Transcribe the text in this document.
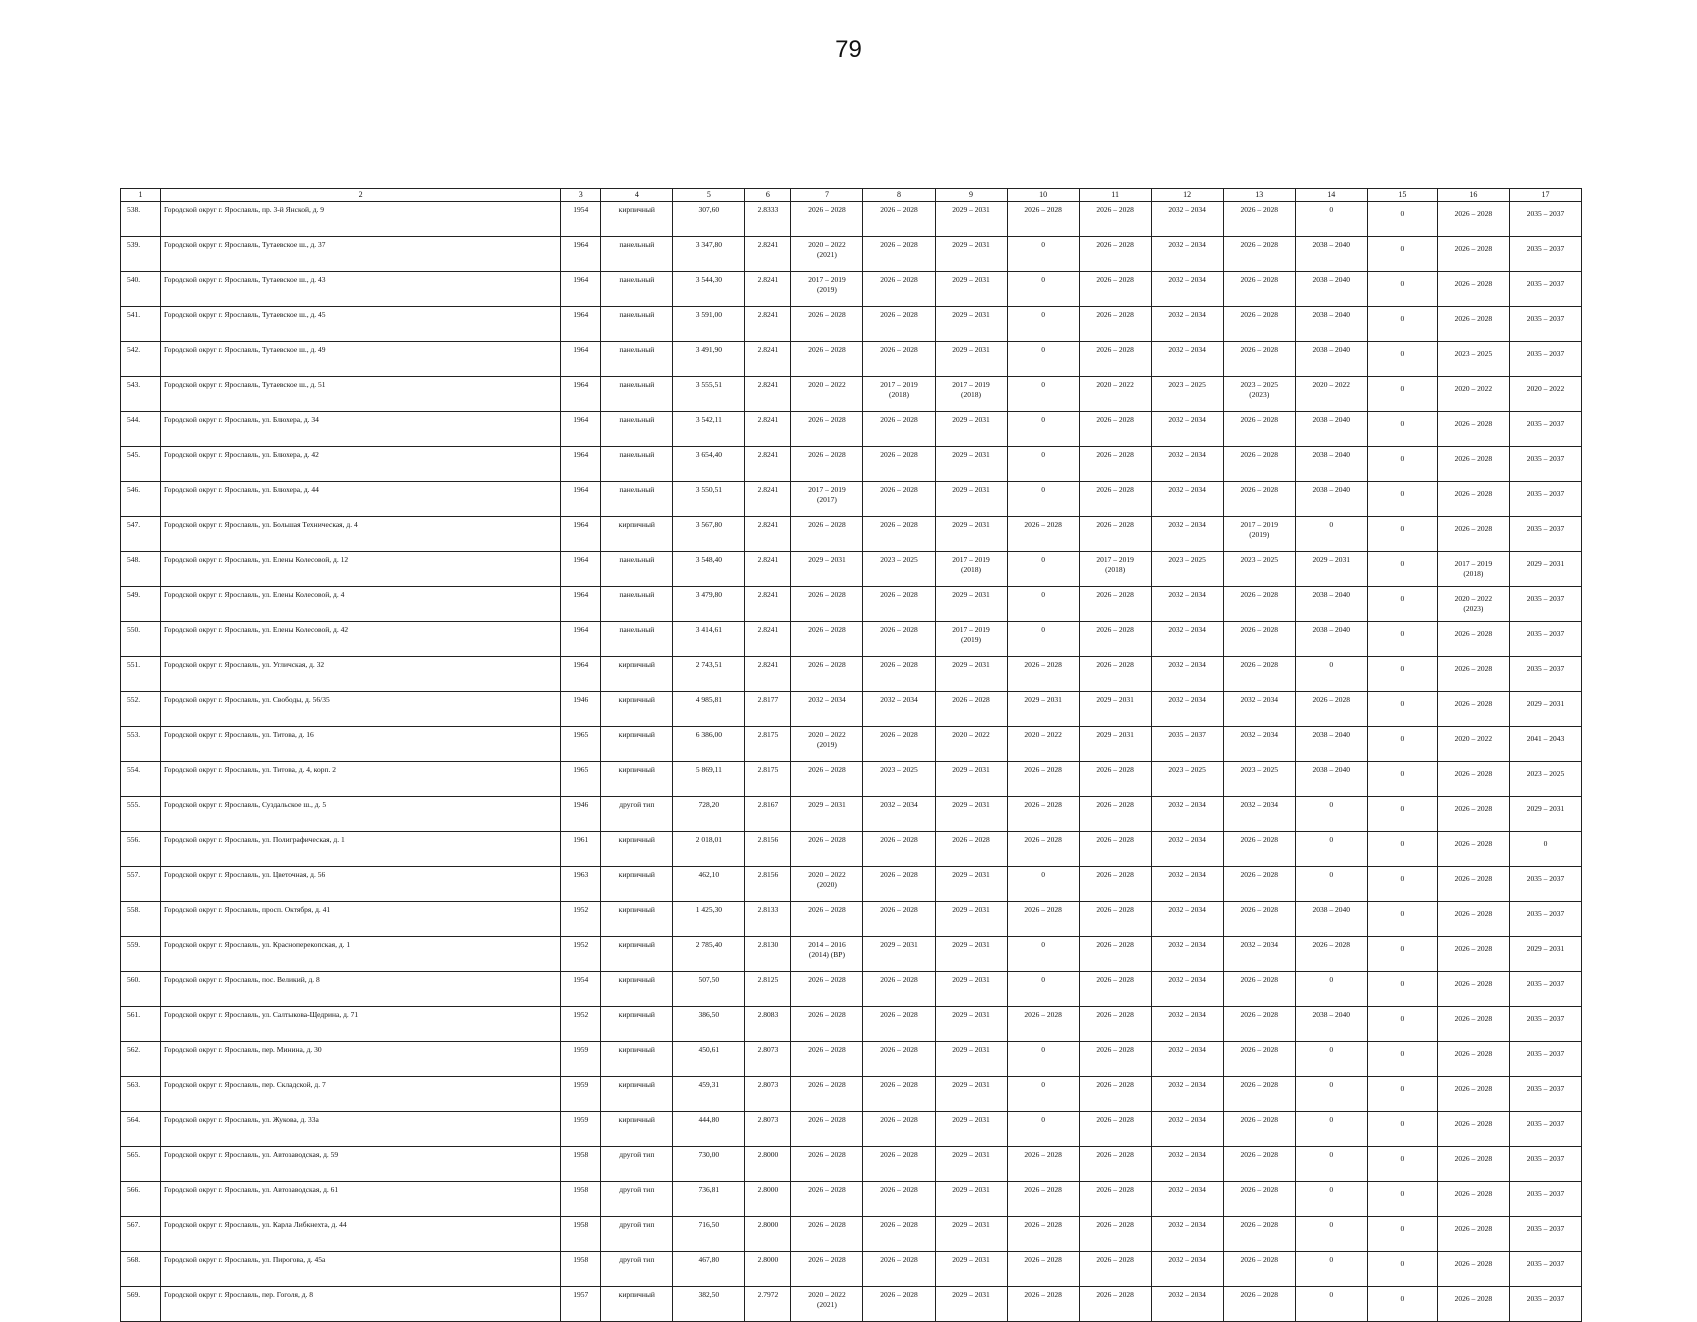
79
1	2	3	4	5	6	7	8	9	10	11	12	13	14	15	16	17
538.	Городской округ г. Ярославль, пр. 3-й Янской, д. 9	1954	кирпичный	307,60	2.8333	2026 – 2028	2026 – 2028	2029 – 2031	2026 – 2028	2026 – 2028	2032 – 2034	2026 – 2028	0	0	2026 – 2028	2035 – 2037
539.	Городской округ г. Ярославль, Тутаевское ш., д. 37	1964	панельный	3 347,80	2.8241	2020 – 2022
(2021)	2026 – 2028	2029 – 2031	0	2026 – 2028	2032 – 2034	2026 – 2028	2038 – 2040	0	2026 – 2028	2035 – 2037
540.	Городской округ г. Ярославль, Тутаевское ш., д. 43	1964	панельный	3 544,30	2.8241	2017 – 2019
(2019)	2026 – 2028	2029 – 2031	0	2026 – 2028	2032 – 2034	2026 – 2028	2038 – 2040	0	2026 – 2028	2035 – 2037
541.	Городской округ г. Ярославль, Тутаевское ш., д. 45	1964	панельный	3 591,00	2.8241	2026 – 2028	2026 – 2028	2029 – 2031	0	2026 – 2028	2032 – 2034	2026 – 2028	2038 – 2040	0	2026 – 2028	2035 – 2037
542.	Городской округ г. Ярославль, Тутаевское ш., д. 49	1964	панельный	3 491,90	2.8241	2026 – 2028	2026 – 2028	2029 – 2031	0	2026 – 2028	2032 – 2034	2026 – 2028	2038 – 2040	0	2023 – 2025	2035 – 2037
543.	Городской округ г. Ярославль, Тутаевское ш., д. 51	1964	панельный	3 555,51	2.8241	2020 – 2022	2017 – 2019
(2018)	2017 – 2019
(2018)	0	2020 – 2022	2023 – 2025	2023 – 2025
(2023)	2020 – 2022	0	2020 – 2022	2020 – 2022
544.	Городской округ г. Ярославль, ул. Блюхера, д. 34	1964	панельный	3 542,11	2.8241	2026 – 2028	2026 – 2028	2029 – 2031	0	2026 – 2028	2032 – 2034	2026 – 2028	2038 – 2040	0	2026 – 2028	2035 – 2037
545.	Городской округ г. Ярославль, ул. Блюхера, д. 42	1964	панельный	3 654,40	2.8241	2026 – 2028	2026 – 2028	2029 – 2031	0	2026 – 2028	2032 – 2034	2026 – 2028	2038 – 2040	0	2026 – 2028	2035 – 2037
546.	Городской округ г. Ярославль, ул. Блюхера, д. 44	1964	панельный	3 550,51	2.8241	2017 – 2019
(2017)	2026 – 2028	2029 – 2031	0	2026 – 2028	2032 – 2034	2026 – 2028	2038 – 2040	0	2026 – 2028	2035 – 2037
547.	Городской округ г. Ярославль, ул. Большая Техническая, д. 4	1964	кирпичный	3 567,80	2.8241	2026 – 2028	2026 – 2028	2029 – 2031	2026 – 2028	2026 – 2028	2032 – 2034	2017 – 2019
(2019)	0	0	2026 – 2028	2035 – 2037
548.	Городской округ г. Ярославль, ул. Елены Колесовой, д. 12	1964	панельный	3 548,40	2.8241	2029 – 2031	2023 – 2025	2017 – 2019
(2018)	0	2017 – 2019
(2018)	2023 – 2025	2023 – 2025	2029 – 2031	0	2017 – 2019
(2018)	2029 – 2031
549.	Городской округ г. Ярославль, ул. Елены Колесовой, д. 4	1964	панельный	3 479,80	2.8241	2026 – 2028	2026 – 2028	2029 – 2031	0	2026 – 2028	2032 – 2034	2026 – 2028	2038 – 2040	0	2020 – 2022
(2023)	2035 – 2037
550.	Городской округ г. Ярославль, ул. Елены Колесовой, д. 42	1964	панельный	3 414,61	2.8241	2026 – 2028	2026 – 2028	2017 – 2019
(2019)	0	2026 – 2028	2032 – 2034	2026 – 2028	2038 – 2040	0	2026 – 2028	2035 – 2037
551.	Городской округ г. Ярославль, ул. Угличская, д. 32	1964	кирпичный	2 743,51	2.8241	2026 – 2028	2026 – 2028	2029 – 2031	2026 – 2028	2026 – 2028	2032 – 2034	2026 – 2028	0	0	2026 – 2028	2035 – 2037
552.	Городской округ г. Ярославль, ул. Свободы, д. 56/35	1946	кирпичный	4 985,81	2.8177	2032 – 2034	2032 – 2034	2026 – 2028	2029 – 2031	2029 – 2031	2032 – 2034	2032 – 2034	2026 – 2028	0	2026 – 2028	2029 – 2031
553.	Городской округ г. Ярославль, ул. Титова, д. 16	1965	кирпичный	6 386,00	2.8175	2020 – 2022
(2019)	2026 – 2028	2020 – 2022	2020 – 2022	2029 – 2031	2035 – 2037	2032 – 2034	2038 – 2040	0	2020 – 2022	2041 – 2043
554.	Городской округ г. Ярославль, ул. Титова, д. 4, корп. 2	1965	кирпичный	5 869,11	2.8175	2026 – 2028	2023 – 2025	2029 – 2031	2026 – 2028	2026 – 2028	2023 – 2025	2023 – 2025	2038 – 2040	0	2026 – 2028	2023 – 2025
555.	Городской округ г. Ярославль, Суздальское ш., д. 5	1946	другой тип	728,20	2.8167	2029 – 2031	2032 – 2034	2029 – 2031	2026 – 2028	2026 – 2028	2032 – 2034	2032 – 2034	0	0	2026 – 2028	2029 – 2031
556.	Городской округ г. Ярославль, ул. Полиграфическая, д. 1	1961	кирпичный	2 018,01	2.8156	2026 – 2028	2026 – 2028	2026 – 2028	2026 – 2028	2026 – 2028	2032 – 2034	2026 – 2028	0	0	2026 – 2028	0
557.	Городской округ г. Ярославль, ул. Цветочная, д. 56	1963	кирпичный	462,10	2.8156	2020 – 2022
(2020)	2026 – 2028	2029 – 2031	0	2026 – 2028	2032 – 2034	2026 – 2028	0	0	2026 – 2028	2035 – 2037
558.	Городской округ г. Ярославль, просп. Октября, д. 41	1952	кирпичный	1 425,30	2.8133	2026 – 2028	2026 – 2028	2029 – 2031	2026 – 2028	2026 – 2028	2032 – 2034	2026 – 2028	2038 – 2040	0	2026 – 2028	2035 – 2037
559.	Городской округ г. Ярославль, ул. Красноперекопская, д. 1	1952	кирпичный	2 785,40	2.8130	2014 – 2016
(2014) (ВР)	2029 – 2031	2029 – 2031	0	2026 – 2028	2032 – 2034	2032 – 2034	2026 – 2028	0	2026 – 2028	2029 – 2031
560.	Городской округ г. Ярославль, пос. Великий, д. 8	1954	кирпичный	507,50	2.8125	2026 – 2028	2026 – 2028	2029 – 2031	0	2026 – 2028	2032 – 2034	2026 – 2028	0	0	2026 – 2028	2035 – 2037
561.	Городской округ г. Ярославль, ул. Салтыкова-Щедрина, д. 71	1952	кирпичный	386,50	2.8083	2026 – 2028	2026 – 2028	2029 – 2031	2026 – 2028	2026 – 2028	2032 – 2034	2026 – 2028	2038 – 2040	0	2026 – 2028	2035 – 2037
562.	Городской округ г. Ярославль, пер. Минина, д. 30	1959	кирпичный	450,61	2.8073	2026 – 2028	2026 – 2028	2029 – 2031	0	2026 – 2028	2032 – 2034	2026 – 2028	0	0	2026 – 2028	2035 – 2037
563.	Городской округ г. Ярославль, пер. Складской, д. 7	1959	кирпичный	459,31	2.8073	2026 – 2028	2026 – 2028	2029 – 2031	0	2026 – 2028	2032 – 2034	2026 – 2028	0	0	2026 – 2028	2035 – 2037
564.	Городской округ г. Ярославль, ул. Жукова, д. 33а	1959	кирпичный	444,80	2.8073	2026 – 2028	2026 – 2028	2029 – 2031	0	2026 – 2028	2032 – 2034	2026 – 2028	0	0	2026 – 2028	2035 – 2037
565.	Городской округ г. Ярославль, ул. Автозаводская, д. 59	1958	другой тип	730,00	2.8000	2026 – 2028	2026 – 2028	2029 – 2031	2026 – 2028	2026 – 2028	2032 – 2034	2026 – 2028	0	0	2026 – 2028	2035 – 2037
566.	Городской округ г. Ярославль, ул. Автозаводская, д. 61	1958	другой тип	736,81	2.8000	2026 – 2028	2026 – 2028	2029 – 2031	2026 – 2028	2026 – 2028	2032 – 2034	2026 – 2028	0	0	2026 – 2028	2035 – 2037
567.	Городской округ г. Ярославль, ул. Карла Либкнехта, д. 44	1958	другой тип	716,50	2.8000	2026 – 2028	2026 – 2028	2029 – 2031	2026 – 2028	2026 – 2028	2032 – 2034	2026 – 2028	0	0	2026 – 2028	2035 – 2037
568.	Городской округ г. Ярославль, ул. Пирогова, д. 45а	1958	другой тип	467,80	2.8000	2026 – 2028	2026 – 2028	2029 – 2031	2026 – 2028	2026 – 2028	2032 – 2034	2026 – 2028	0	0	2026 – 2028	2035 – 2037
569.	Городской округ г. Ярославль, пер. Гоголя, д. 8	1957	кирпичный	382,50	2.7972	2020 – 2022
(2021)	2026 – 2028	2029 – 2031	2026 – 2028	2026 – 2028	2032 – 2034	2026 – 2028	0	0	2026 – 2028	2035 – 2037
